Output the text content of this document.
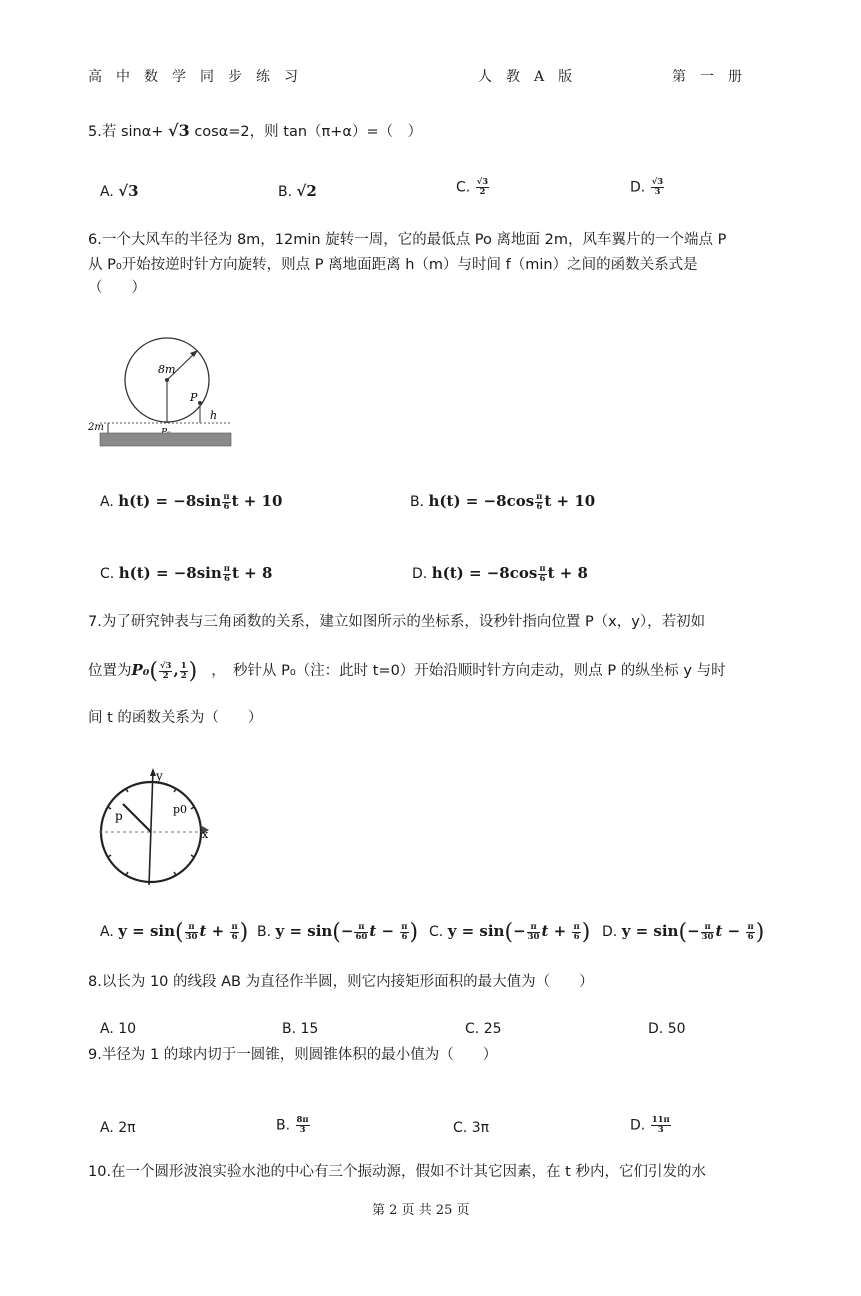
高　中　数　学　同　步　练　习	人　教　A　版	第　一　册
5.若 sinα+ √3 cosα=2，则 tan（π+α）=（　）
A. √3	B. √2	C. $\frac{√3}{2}$	D. $\frac{√3}{3}$
6.一个大风车的半径为 8m，12min 旋转一周，它的最低点 Po 离地面 2m，风车翼片的一个端点 P
从 P₀开始按逆时针方向旋转，则点 P 离地面距离 h（m）与时间 f（min）之间的函数关系式是
（　　）
8m
P
h
2m
A. $h(t) = -8\sin \frac{\pi}{6}$ t + 10	B. $h(t) = -8\cos \frac{\pi}{6}$ t + 10
C. $h(t) = -8\sin \frac{\pi}{6}$ t + 8	D. $h(t) = -8\cos \frac{\pi}{6}$ t + 8
7.为了研究钟表与三角函数的关系，建立如图所示的坐标系，设秒针指向位置 P（x，y），若初如
位置为$P_0( \frac{√3}{2}$ , $\frac{1}{2}$ ) ，　秒针从 P₀（注：此时 t=0）开始沿顺时针方向走动，则点 P 的纵坐标 y 与时
间 t 的函数关系为（　　）
y
x
p	p0
A. $y = \sin( \frac{\pi}{30}$ $t + \frac{\pi}{6}$ ) B. $y = \sin(- \frac{\pi}{60}$ $t - \frac{\pi}{6}$ ) C. $y = \sin(- \frac{\pi}{30}$ $t + \frac{\pi}{6}$ ) D. $y = \sin(- \frac{\pi}{30}$ $t - \frac{\pi}{6}$ )
8.以长为 10 的线段 AB 为直径作半圆，则它内接矩形面积的最大值为（　　）
A. 10	B. 15	C. 25	D. 50
9.半径为 1 的球内切于一圆锥，则圆锥体积的最小值为（　　）
A. 2π	B. $\frac{8\pi}{3}$	C. 3π	D. $\frac{11\pi}{3}$
10.在一个圆形波浪实验水池的中心有三个振动源，假如不计其它因素，在 t 秒内，它们引发的水
第 2 页 共 25 页
